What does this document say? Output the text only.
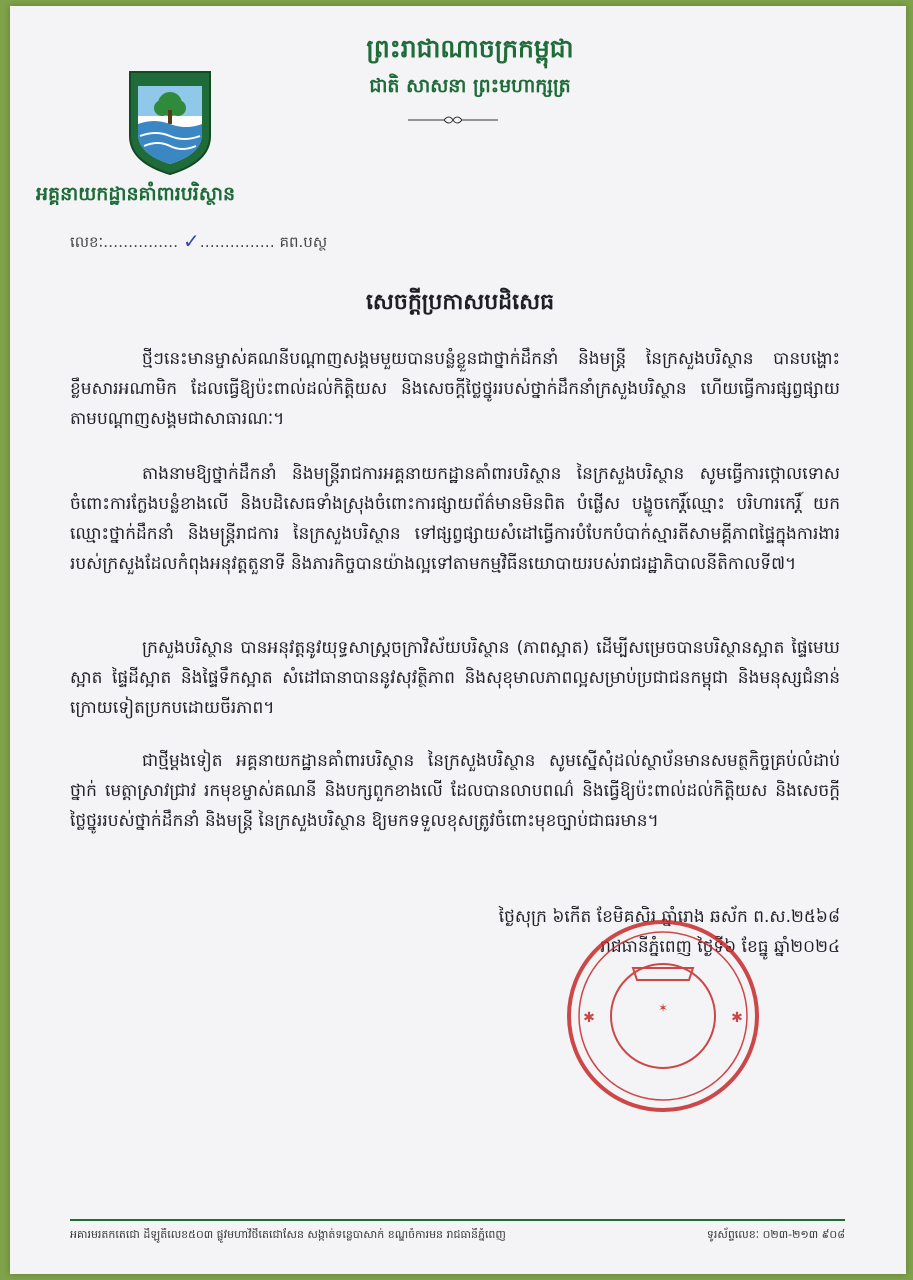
ព្រះរាជាណាចក្រកម្ពុជា
ជាតិ សាសនា ព្រះមហាក្សត្រ
អគ្គនាយកដ្ឋានគាំពារបរិស្ថាន
លេខៈ…………… ✓…………… គព.បស្ថ
សេចក្តីប្រកាសបដិសេធ

ថ្មីៗនេះមានម្ចាស់គណនីបណ្តាញសង្គមមួយបានបន្លំខ្លួនជាថ្នាក់ដឹកនាំ និងមន្ត្រី នៃក្រសួងបរិស្ថាន បានបង្ហោះខ្លឹមសារអណាមិក ដែលធ្វើឱ្យប៉ះពាល់ដល់កិត្តិយស និងសេចក្តីថ្លៃថ្នូររបស់ថ្នាក់ដឹកនាំក្រសួងបរិស្ថាន ហើយធ្វើការផ្សព្វផ្សាយតាមបណ្តាញសង្គមជាសាធារណៈ។

តាងនាមឱ្យថ្នាក់ដឹកនាំ និងមន្ត្រីរាជការអគ្គនាយកដ្ឋានគាំពារបរិស្ថាន នៃក្រសួងបរិស្ថាន សូមធ្វើការថ្កោលទោស ចំពោះការក្លែងបន្លំខាងលើ និងបដិសេធទាំងស្រុងចំពោះការផ្សាយព័ត៌មានមិនពិត បំផ្លើស បង្ខូចកេរ្តិ៍ឈ្មោះ បរិហារកេរ្តិ៍ យកឈ្មោះថ្នាក់ដឹកនាំ និងមន្ត្រីរាជការ នៃក្រសួងបរិស្ថាន ទៅផ្សព្វផ្សាយសំដៅធ្វើការបំបែកបំបាក់ស្មារតីសាមគ្គីភាពផ្ទៃក្នុងការងាររបស់ក្រសួងដែលកំពុងអនុវត្តតួនាទី និងភារកិច្ចបានយ៉ាងល្អទៅតាមកម្មវិធីនយោបាយរបស់រាជរដ្ឋាភិបាលនីតិកាលទី៧។

ក្រសួងបរិស្ថាន បានអនុវត្តនូវយុទ្ធសាស្ត្រចក្រាវិស័យបរិស្ថាន (ភាពស្អាត) ដើម្បីសម្រេចបានបរិស្ថានស្អាត ផ្ទៃមេឃស្អាត ផ្ទៃដីស្អាត និងផ្ទៃទឹកស្អាត សំដៅធានាបាននូវសុវត្ថិភាព និងសុខុមាលភាពល្អសម្រាប់ប្រជាជនកម្ពុជា និងមនុស្សជំនាន់ក្រោយទៀតប្រកបដោយចីរភាព។

ជាថ្មីម្តងទៀត អគ្គនាយកដ្ឋានគាំពារបរិស្ថាន នៃក្រសួងបរិស្ថាន សូមស្នើសុំដល់ស្ថាប័នមានសមត្ថកិច្ចគ្រប់លំដាប់ថ្នាក់ មេត្តាស្រាវជ្រាវ រកមុខម្ចាស់គណនី និងបក្សពួកខាងលើ ដែលបានលាបពណ៌ និងធ្វើឱ្យប៉ះពាល់ដល់កិត្តិយស និងសេចក្តីថ្លៃថ្នូររបស់ថ្នាក់ដឹកនាំ និងមន្ត្រី នៃក្រសួងបរិស្ថាន ឱ្យមកទទួលខុសត្រូវចំពោះមុខច្បាប់ជាធរមាន។

ថ្ងៃសុក្រ ៦កើត ខែមិគសិរ ឆ្នាំរោង ឆស័ក ព.ស.២៥៦៨
រាជធានីភ្នំពេញ ថ្ងៃទី៦ ខែធ្នូ ឆ្នាំ២០២៤
✶
✱	✱
អគារមរតកតេជោ ដីឡូតិ៍លេខ៥០៣ ផ្លូវមហាវិថីតេជោសែន សង្កាត់ទន្លេបាសាក់ ខណ្ឌចំការមន រាជធានីភ្នំពេញ	ទូរស័ព្ទលេខៈ ០២៣-២១៣ ៩០៨
